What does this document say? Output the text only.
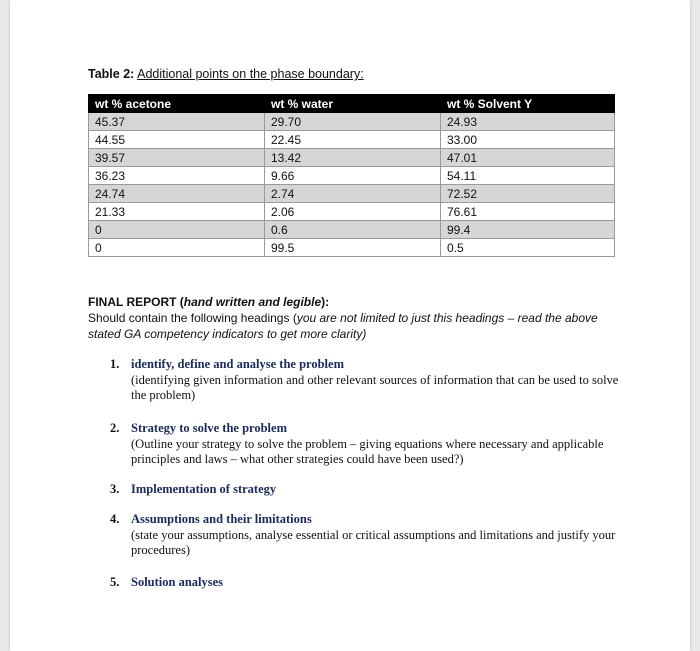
Table 2: Additional points on the phase boundary:
wt % acetone	wt % water	wt % Solvent Y
45.37	29.70	24.93
44.55	22.45	33.00
39.57	13.42	47.01
36.23	9.66	54.11
24.74	2.74	72.52
21.33	2.06	76.61
0	0.6	99.4
0	99.5	0.5
FINAL REPORT (hand written and legible):
Should contain the following headings (you are not limited to just this headings – read the above stated GA competency indicators to get more clarity)
1. identify, define and analyse the problem
(identifying given information and other relevant sources of information that can be used to solve the problem)
2. Strategy to solve the problem
(Outline your strategy to solve the problem – giving equations where necessary and applicable principles and laws – what other strategies could have been used?)
3. Implementation of strategy
4. Assumptions and their limitations
(state your assumptions, analyse essential or critical assumptions and limitations and justify your procedures)
5. Solution analyses
